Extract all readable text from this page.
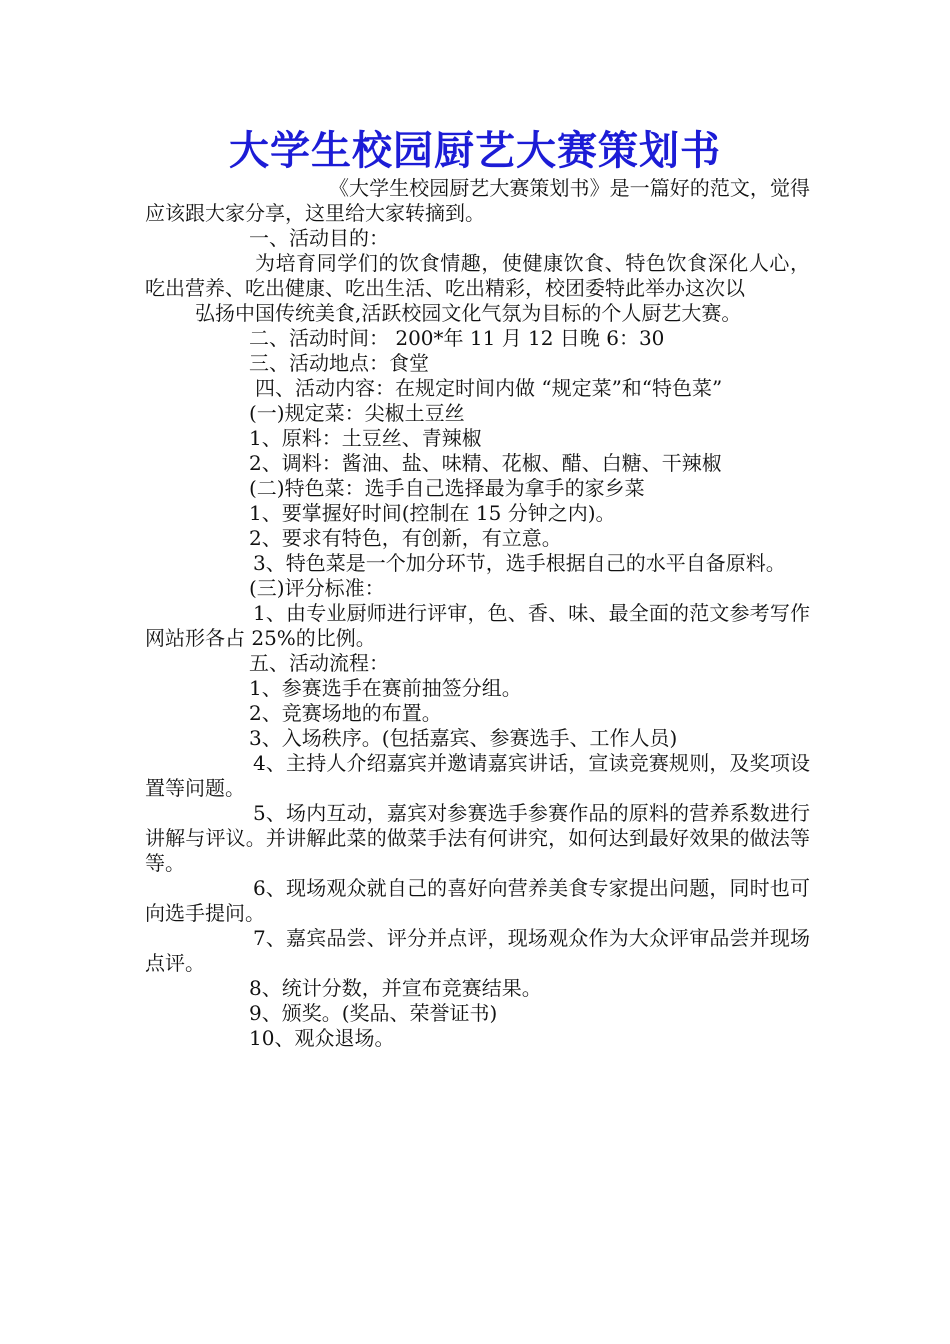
大学生校园厨艺大赛策划书

《大学生校园厨艺大赛策划书》是一篇好的范文，觉得应该跟大家分享，这里给大家转摘到。

一、活动目的：

为培育同学们的饮食情趣，使健康饮食、特色饮食深化人心，吃出营养、吃出健康、吃出生活、吃出精彩，校团委特此举办这次以

弘扬中国传统美食,活跃校园文化气氛为目标的个人厨艺大赛。

二、活动时间： 200*年 11 月 12 日晚 6：30

三、活动地点：食堂

四、活动内容：在规定时间内做 “规定菜”和“特色菜”

(一)规定菜：尖椒土豆丝

1、原料：土豆丝、青辣椒

2、调料：酱油、盐、味精、花椒、醋、白糖、干辣椒

(二)特色菜：选手自己选择最为拿手的家乡菜

1、要掌握好时间(控制在 15 分钟之内)。

2、要求有特色，有创新，有立意。

3、特色菜是一个加分环节，选手根据自己的水平自备原料。

(三)评分标准：

1、由专业厨师进行评审，色、香、味、最全面的范文参考写作网站形各占 25%的比例。

五、活动流程：

1、参赛选手在赛前抽签分组。

2、竞赛场地的布置。

3、入场秩序。(包括嘉宾、参赛选手、工作人员)

4、主持人介绍嘉宾并邀请嘉宾讲话，宣读竞赛规则，及奖项设置等问题。

5、场内互动，嘉宾对参赛选手参赛作品的原料的营养系数进行讲解与评议。并讲解此菜的做菜手法有何讲究，如何达到最好效果的做法等等。

6、现场观众就自己的喜好向营养美食专家提出问题，同时也可向选手提问。

7、嘉宾品尝、评分并点评，现场观众作为大众评审品尝并现场点评。

8、统计分数，并宣布竞赛结果。

9、颁奖。(奖品、荣誉证书)

10、观众退场。
